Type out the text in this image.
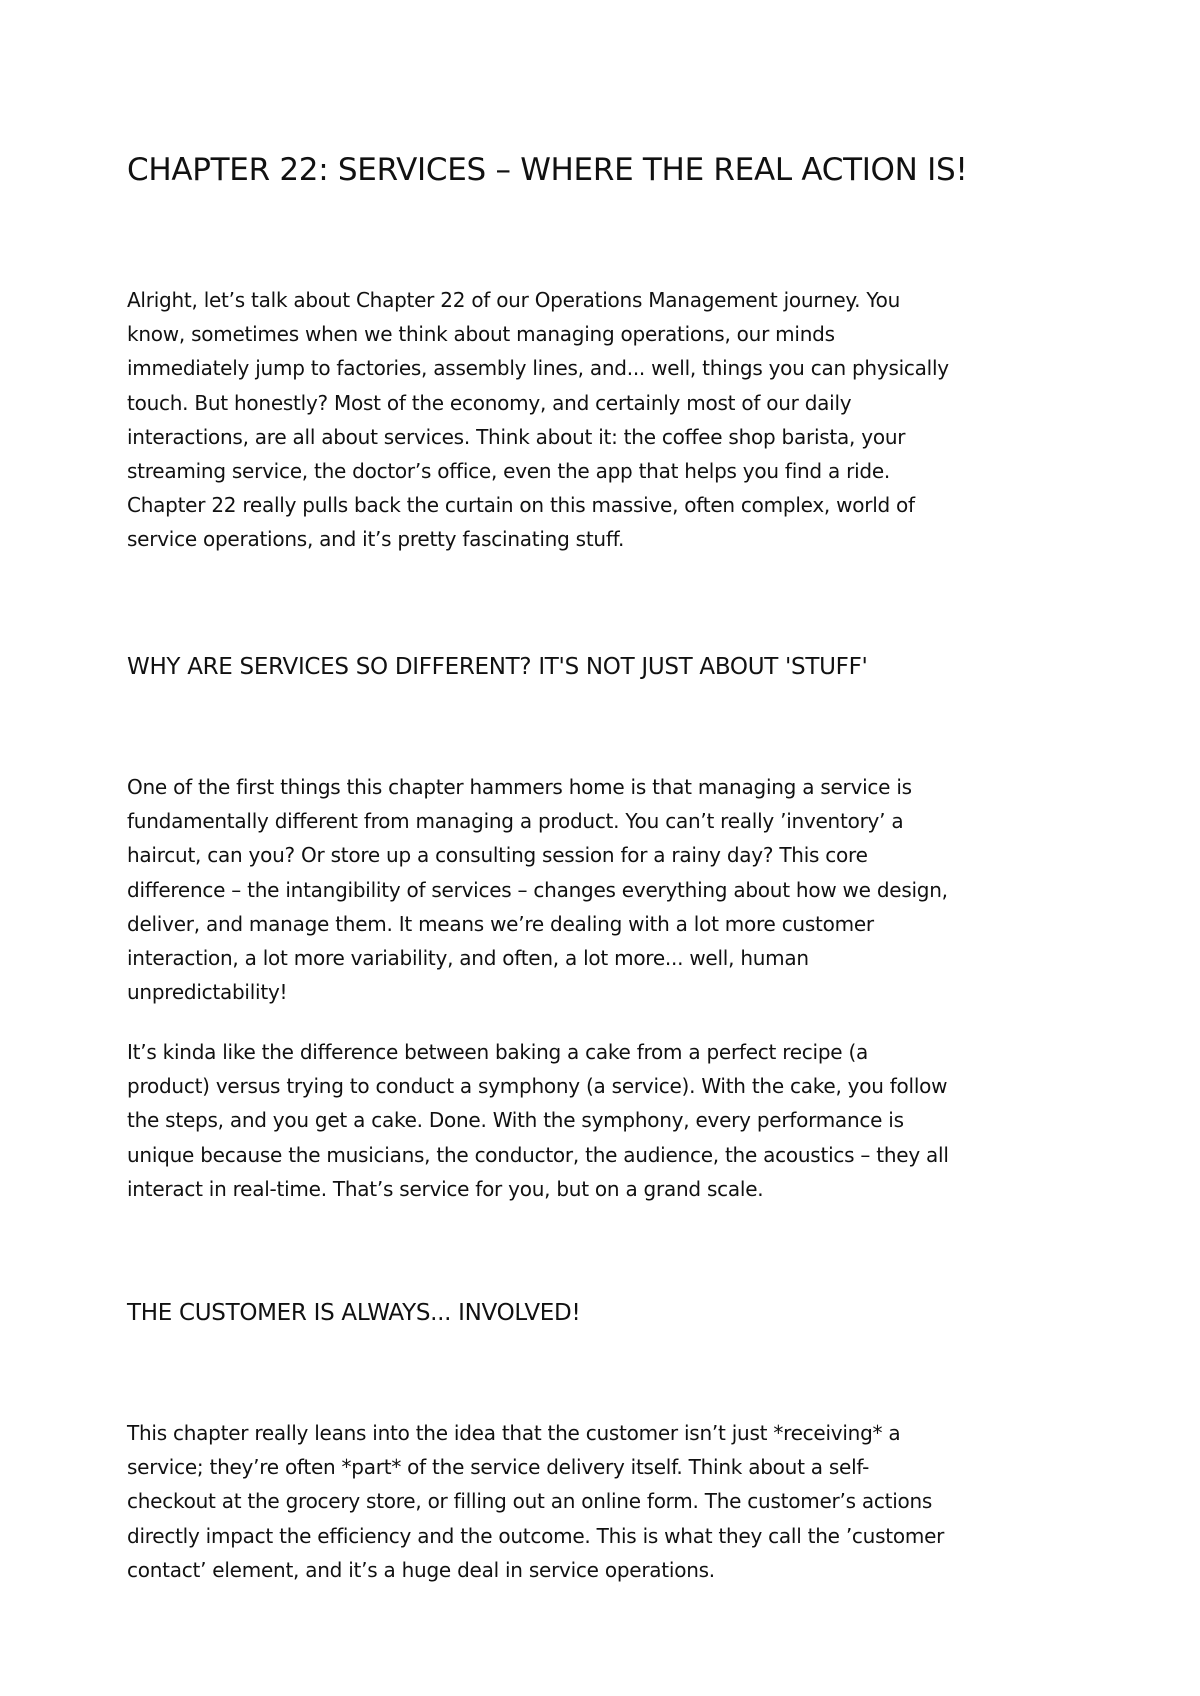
CHAPTER 22: SERVICES – WHERE THE REAL ACTION IS!

Alright, let’s talk about Chapter 22 of our Operations Management journey. You
know, sometimes when we think about managing operations, our minds
immediately jump to factories, assembly lines, and... well, things you can physically
touch. But honestly? Most of the economy, and certainly most of our daily
interactions, are all about services. Think about it: the coffee shop barista, your
streaming service, the doctor’s office, even the app that helps you find a ride.
Chapter 22 really pulls back the curtain on this massive, often complex, world of
service operations, and it’s pretty fascinating stuff.

WHY ARE SERVICES SO DIFFERENT? IT'S NOT JUST ABOUT 'STUFF'

One of the first things this chapter hammers home is that managing a service is
fundamentally different from managing a product. You can’t really ’inventory’ a
haircut, can you? Or store up a consulting session for a rainy day? This core
difference – the intangibility of services – changes everything about how we design,
deliver, and manage them. It means we’re dealing with a lot more customer
interaction, a lot more variability, and often, a lot more... well, human
unpredictability!

It’s kinda like the difference between baking a cake from a perfect recipe (a
product) versus trying to conduct a symphony (a service). With the cake, you follow
the steps, and you get a cake. Done. With the symphony, every performance is
unique because the musicians, the conductor, the audience, the acoustics – they all
interact in real-time. That’s service for you, but on a grand scale.

THE CUSTOMER IS ALWAYS... INVOLVED!

This chapter really leans into the idea that the customer isn’t just *receiving* a
service; they’re often *part* of the service delivery itself. Think about a self-
checkout at the grocery store, or filling out an online form. The customer’s actions
directly impact the efficiency and the outcome. This is what they call the ’customer
contact’ element, and it’s a huge deal in service operations.
